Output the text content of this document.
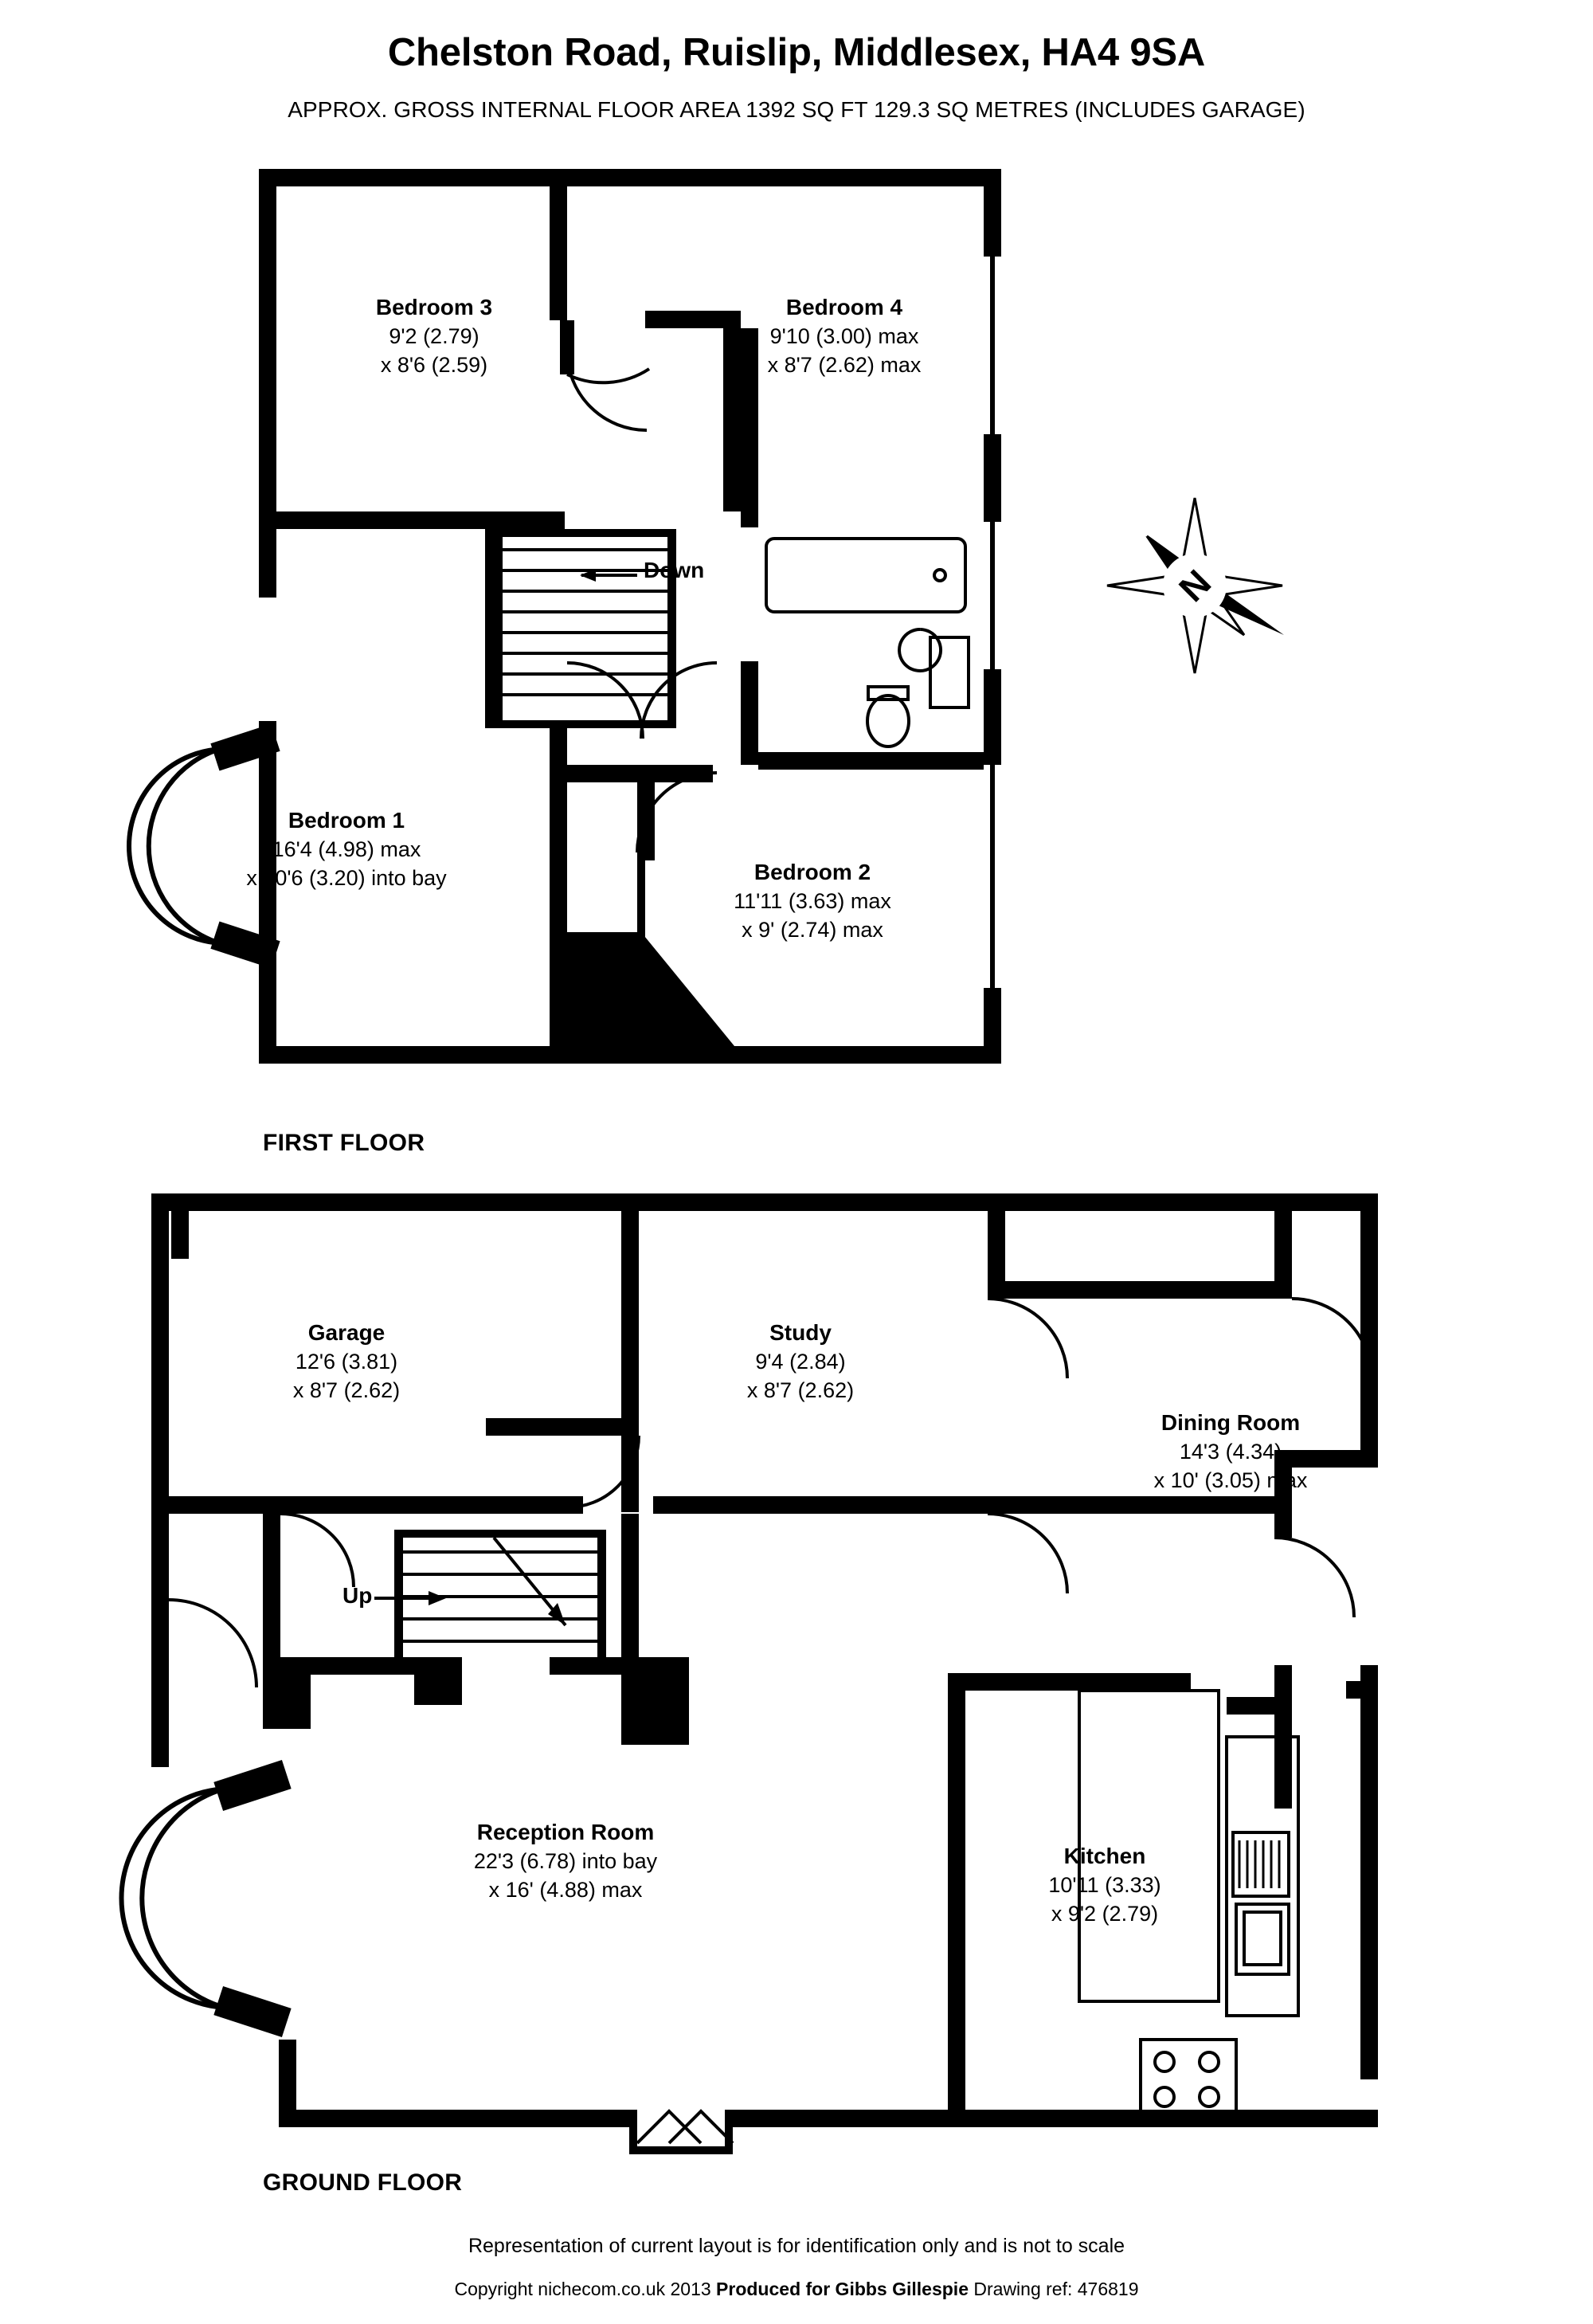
Chelston Road, Ruislip, Middlesex, HA4 9SA
APPROX. GROSS INTERNAL FLOOR AREA 1392 SQ FT 129.3 SQ METRES (INCLUDES GARAGE)
N
Bedroom 3
9'2 (2.79)
x 8'6 (2.59)
Bedroom 4
9'10 (3.00) max
x 8'7 (2.62) max
Bedroom 1
16'4 (4.98) max
x 10'6 (3.20) into bay	Bedroom 2
11'11 (3.63) max
x 9' (2.74) max
Garage
12'6 (3.81)
x 8'7 (2.62)
Study
9'4 (2.84)
x 8'7 (2.62)
Dining Room
14'3 (4.34)
x 10' (3.05) max
Reception Room
22'3 (6.78) into bay
x 16' (4.88) max
Kitchen
10'11 (3.33)
x 9'2 (2.79)
Down
Up
FIRST FLOOR
GROUND FLOOR
Representation of current layout is for identification only and is not to scale
Copyright nichecom.co.uk 2013 Produced for Gibbs Gillespie Drawing ref: 476819
